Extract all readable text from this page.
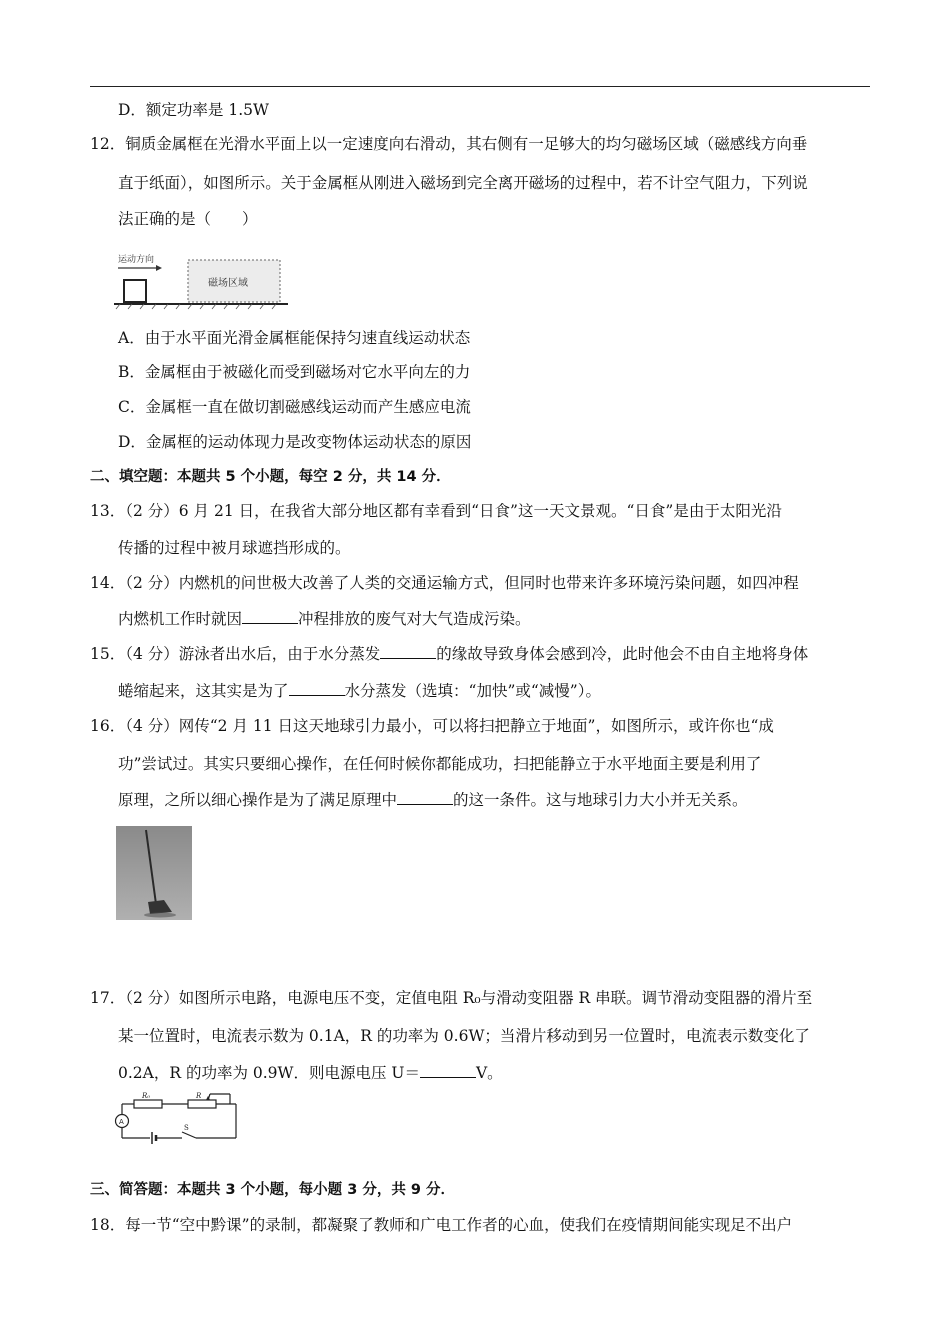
D．额定功率是 1.5W
12．铜质金属框在光滑水平面上以一定速度向右滑动，其右侧有一足够大的均匀磁场区域（磁感线方向垂
直于纸面），如图所示。关于金属框从刚进入磁场到完全离开磁场的过程中，若不计空气阻力，下列说
法正确的是（　　）
运动方向
磁场区域
A．由于水平面光滑金属框能保持匀速直线运动状态
B．金属框由于被磁化而受到磁场对它水平向左的力
C．金属框一直在做切割磁感线运动而产生感应电流
D．金属框的运动体现力是改变物体运动状态的原因
二、填空题：本题共 5 个小题，每空 2 分，共 14 分．
13．（2 分）6 月 21 日，在我省大部分地区都有幸看到“日食”这一天文景观。“日食”是由于太阳光沿
传播的过程中被月球遮挡形成的。
14．（2 分）内燃机的问世极大改善了人类的交通运输方式，但同时也带来许多环境污染问题，如四冲程
内燃机工作时就因	冲程排放的废气对大气造成污染。
15．（4 分）游泳者出水后，由于水分蒸发	的缘故导致身体会感到冷，此时他会不由自主地将身体
蜷缩起来，这其实是为了	水分蒸发（选填：“加快”或“减慢”）。
16．（4 分）网传“2 月 11 日这天地球引力最小，可以将扫把静立于地面”，如图所示，或许你也“成
功”尝试过。其实只要细心操作，在任何时候你都能成功，扫把能静立于水平地面主要是利用了
原理，之所以细心操作是为了满足原理中	的这一条件。这与地球引力大小并无关系。
17．（2 分）如图所示电路，电源电压不变，定值电阻 R₀与滑动变阻器 R 串联。调节滑动变阻器的滑片至
某一位置时，电流表示数为 0.1A，R 的功率为 0.6W；当滑片移动到另一位置时，电流表示数变化了
0.2A，R 的功率为 0.9W．则电源电压 U＝	V。
R₀	R
A
S
三、简答题：本题共 3 个小题，每小题 3 分，共 9 分．
18．每一节“空中黔课”的录制，都凝聚了教师和广电工作者的心血，使我们在疫情期间能实现足不出户
